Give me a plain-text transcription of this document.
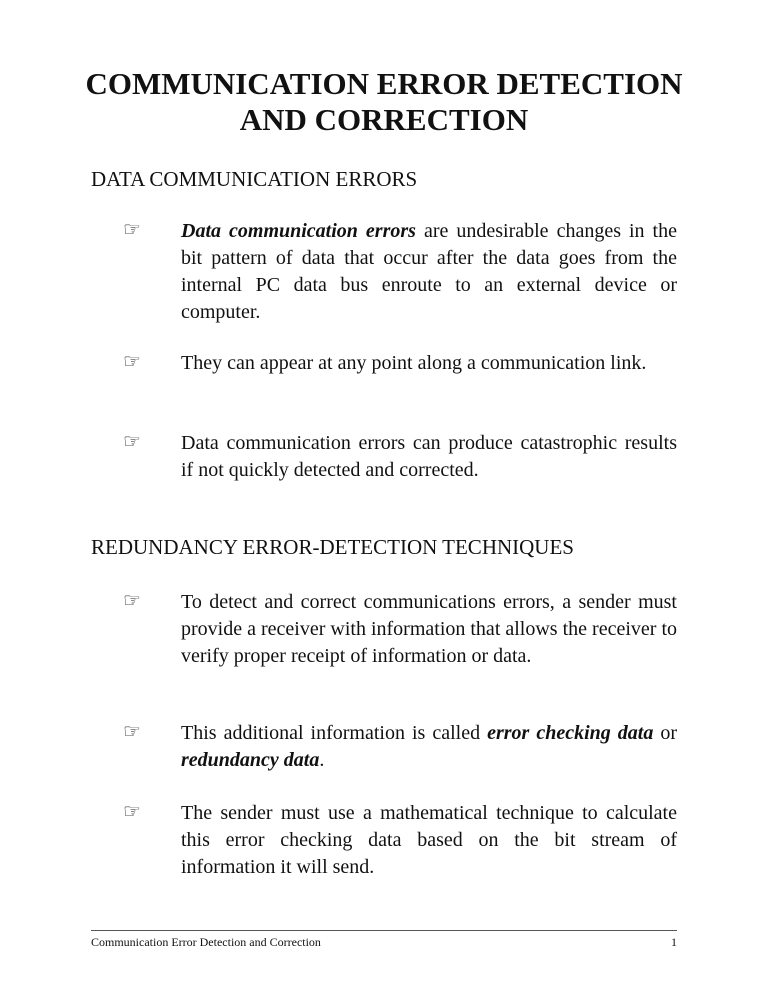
COMMUNICATION ERROR DETECTION
AND CORRECTION
DATA COMMUNICATION ERRORS
☞ Data communication errors are undesirable changes in the bit pattern of data that occur after the data goes from the internal PC data bus enroute to an external device or computer.
☞ They can appear at any point along a communication link.
☞ Data communication errors can produce catastrophic results if not quickly detected and corrected.
REDUNDANCY ERROR-DETECTION TECHNIQUES
☞ To detect and correct communications errors, a sender must provide a receiver with information that allows the receiver to verify proper receipt of information or data.
☞ This additional information is called error checking data or redundancy data.
☞ The sender must use a mathematical technique to calculate this error checking data based on the bit stream of information it will send.
Communication Error Detection and Correction	1
